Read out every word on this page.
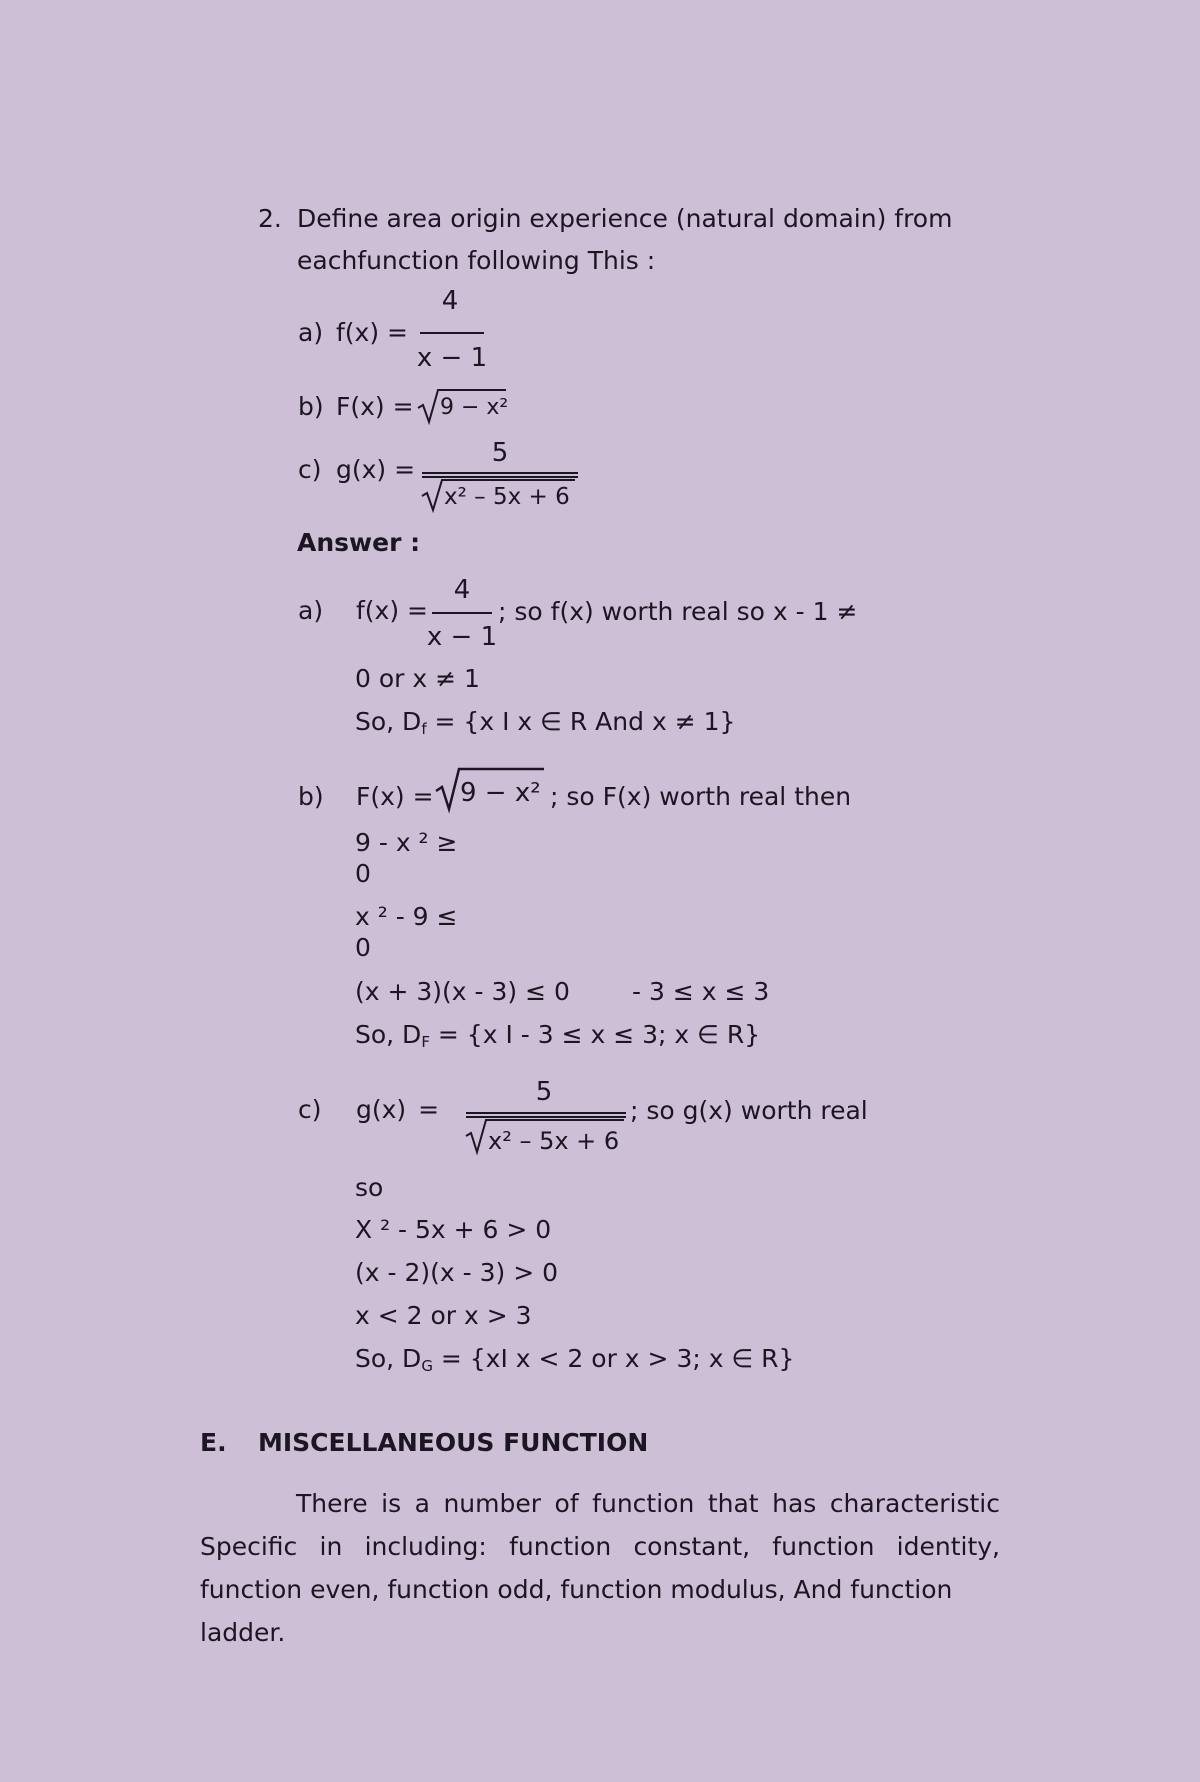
2. Define area origin experience (natural domain) from
eachfunction following This :
a) f(x) =
4
x − 1
b) F(x) = 9 − x²
c) g(x) =
5
x² – 5x + 6
Answer :
a) f(x) =
4
x − 1
; so f(x) worth real so x - 1 ≠
0 or x ≠ 1
So, Df = {x I x ∈ R And x ≠ 1}
b) F(x) = 9 − x² ; so F(x) worth real then
9 - x ² ≥
0
x ² - 9 ≤
0
(x + 3)(x - 3) ≤ 0 - 3 ≤ x ≤ 3
So, DF = {x I - 3 ≤ x ≤ 3; x ∈ R}
c) g(x) =
5
x² – 5x + 6
; so g(x) worth real
so
X ² - 5x + 6 > 0
(x - 2)(x - 3) > 0
x < 2 or x > 3
So, DG = {xI x < 2 or x > 3; x ∈ R}
E. MISCELLANEOUS FUNCTION
There is a number of function that has characteristic Specific in including: function constant, function identity, function even, function odd, function modulus, And function
ladder.
